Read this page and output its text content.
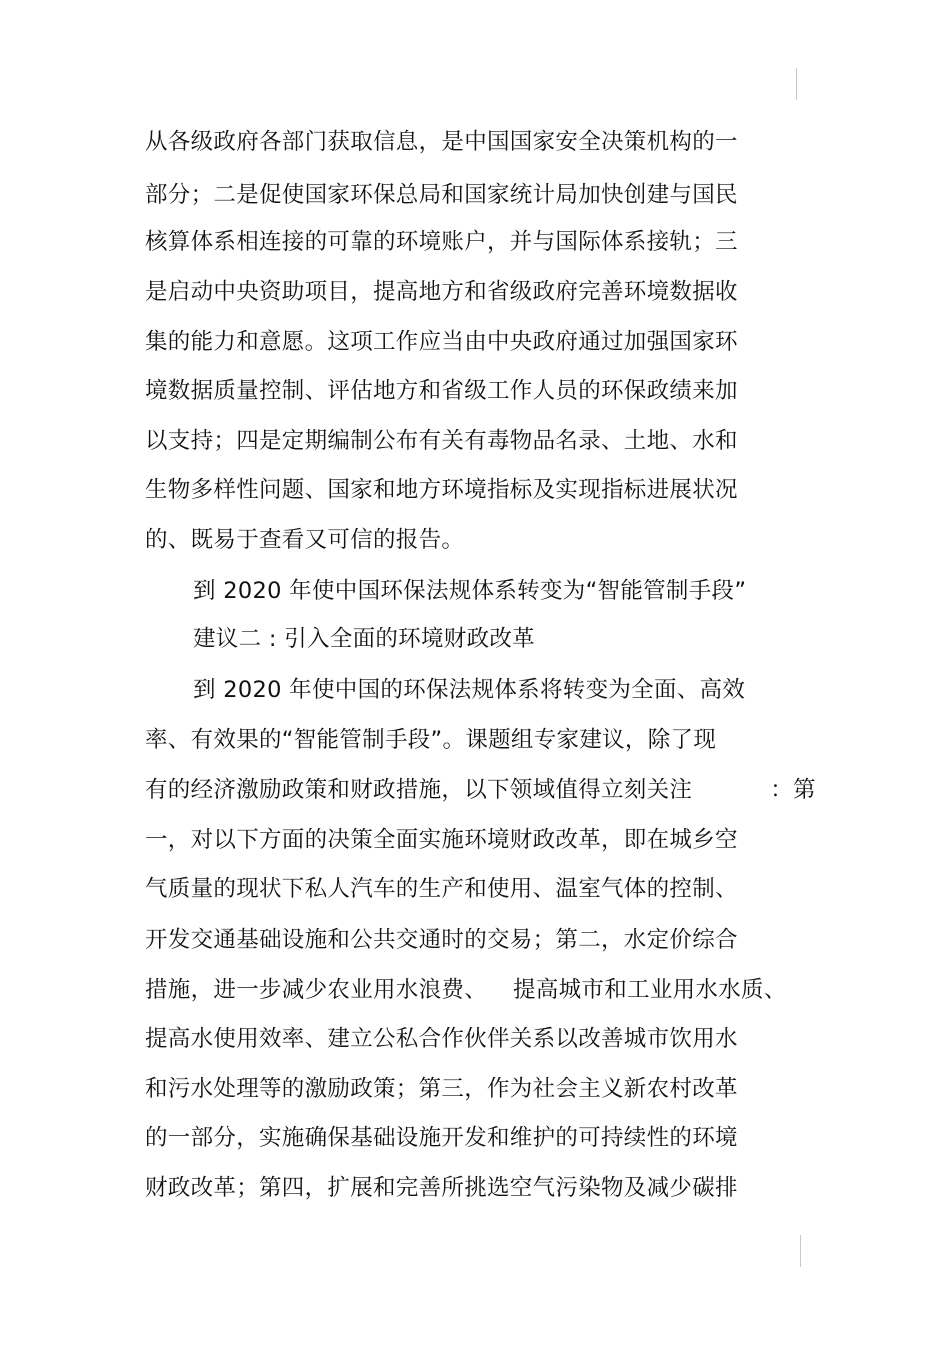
从各级政府各部门获取信息，是中国国家安全决策机构的一
部分；二是促使国家环保总局和国家统计局加快创建与国民
核算体系相连接的可靠的环境账户，并与国际体系接轨；三
是启动中央资助项目，提高地方和省级政府完善环境数据收
集的能力和意愿。这项工作应当由中央政府通过加强国家环
境数据质量控制、评估地方和省级工作人员的环保政绩来加
以支持；四是定期编制公布有关有毒物品名录、土地、水和
生物多样性问题、国家和地方环境指标及实现指标进展状况
的、既易于查看又可信的报告。
到 2020 年使中国环保法规体系转变为“智能管制手段”
建议二 : 引入全面的环境财政改革
到 2020 年使中国的环保法规体系将转变为全面、高效
率、有效果的“智能管制手段”。课题组专家建议，除了现
有的经济激励政策和财政措施，以下领域值得立刻关注	：第
一，对以下方面的决策全面实施环境财政改革，即在城乡空
气质量的现状下私人汽车的生产和使用、温室气体的控制、
开发交通基础设施和公共交通时的交易；第二，水定价综合
措施，进一步减少农业用水浪费、 提高城市和工业用水水质、
提高水使用效率、建立公私合作伙伴关系以改善城市饮用水
和污水处理等的激励政策；第三，作为社会主义新农村改革
的一部分，实施确保基础设施开发和维护的可持续性的环境
财政改革；第四，扩展和完善所挑选空气污染物及减少碳排
